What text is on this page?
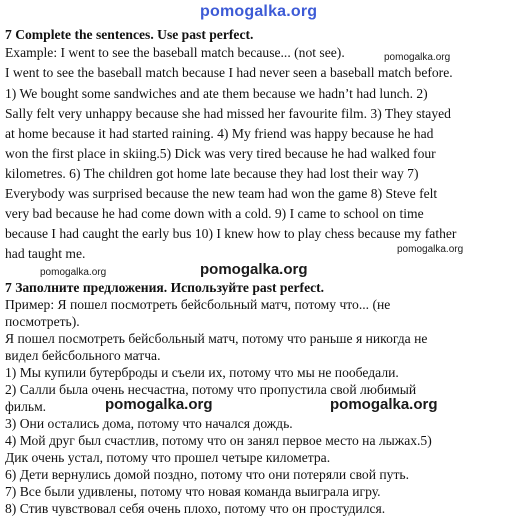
pomogalka.org
7 Complete the sentences. Use past perfect.
Example: I went to see the baseball match because... (not see).	pomogalka.org
I went to see the baseball match because I had never seen a baseball match before.
1) We bought some sandwiches and ate them because we hadn’t had lunch. 2)
Sally felt very unhappy because she had missed her favourite film. 3) They stayed
at home because it had started raining. 4) My friend was happy because he had
won the first place in skiing.5) Dick was very tired because he had walked four
kilometres. 6) The children got home late because they had lost their way 7)
Everybody was surprised because the new team had won the game 8) Steve felt
very bad because he had come down with a cold. 9) I came to school on time
because I had caught the early bus 10) I knew how to play chess because my father
pomogalka.org
had taught me.
pomogalka.org
pomogalka.org
7 Заполните предложения. Используйте past perfect.
Пример: Я пошел посмотреть бейсбольный матч, потому что... (не
посмотреть).
Я пошел посмотреть бейсбольный матч, потому что раньше я никогда не
видел бейсбольного матча.
1) Мы купили бутерброды и съели их, потому что мы не пообедали.
2) Салли была очень несчастна, потому что пропустила свой любимый
фильм.	pomogalka.org	pomogalka.org
3) Они остались дома, потому что начался дождь.
4) Мой друг был счастлив, потому что он занял первое место на лыжах.5)
Дик очень устал, потому что прошел четыре километра.
6) Дети вернулись домой поздно, потому что они потеряли свой путь.
7) Все были удивлены, потому что новая команда выиграла игру.
8) Стив чувствовал себя очень плохо, потому что он простудился.
